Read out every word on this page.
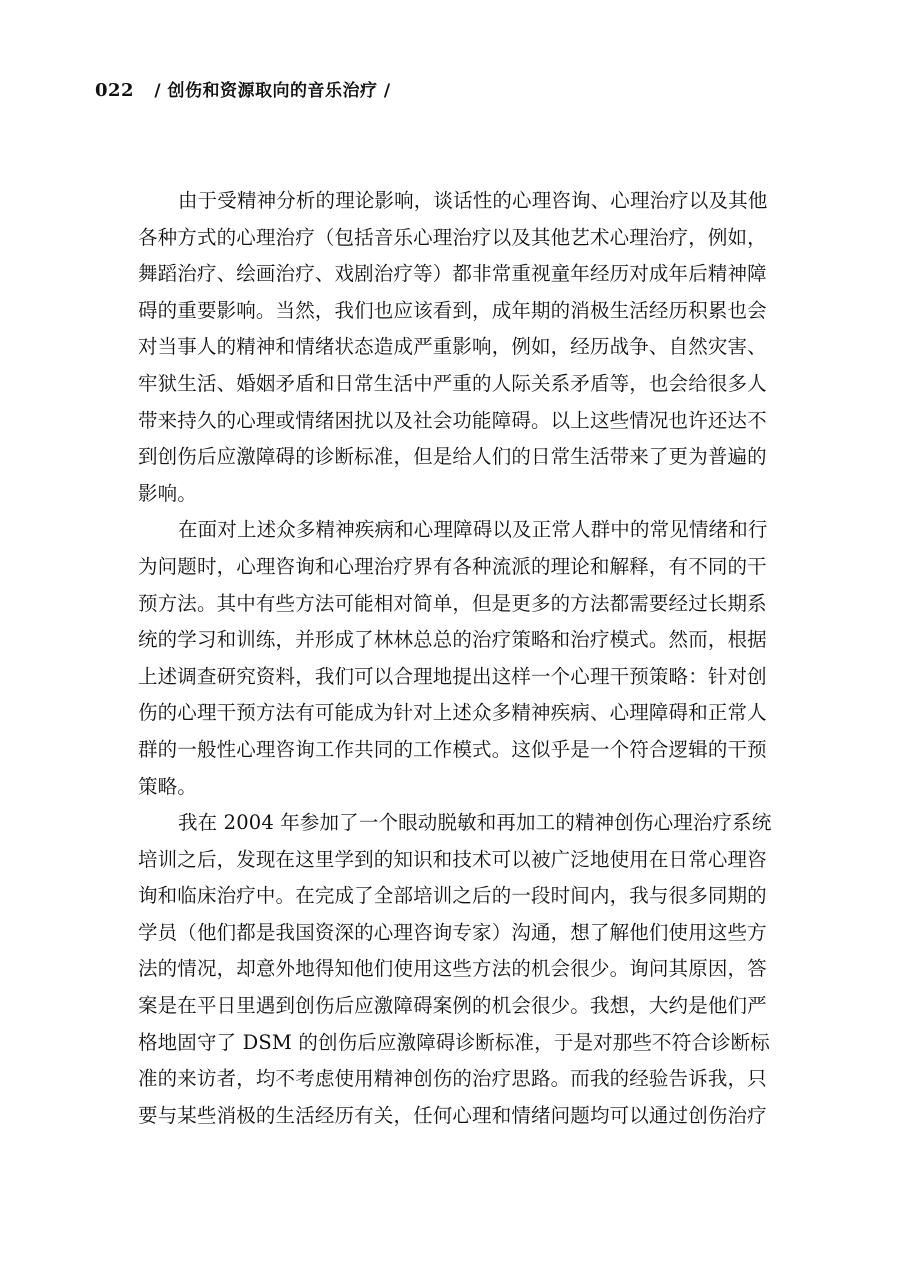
022 / 创伤和资源取向的音乐治疗 /
由于受精神分析的理论影响，谈话性的心理咨询、心理治疗以及其他
各种方式的心理治疗（包括音乐心理治疗以及其他艺术心理治疗，例如，
舞蹈治疗、绘画治疗、戏剧治疗等）都非常重视童年经历对成年后精神障
碍的重要影响。当然，我们也应该看到，成年期的消极生活经历积累也会
对当事人的精神和情绪状态造成严重影响，例如，经历战争、自然灾害、
牢狱生活、婚姻矛盾和日常生活中严重的人际关系矛盾等，也会给很多人
带来持久的心理或情绪困扰以及社会功能障碍。以上这些情况也许还达不
到创伤后应激障碍的诊断标准，但是给人们的日常生活带来了更为普遍的
影响。
在面对上述众多精神疾病和心理障碍以及正常人群中的常见情绪和行
为问题时，心理咨询和心理治疗界有各种流派的理论和解释，有不同的干
预方法。其中有些方法可能相对简单，但是更多的方法都需要经过长期系
统的学习和训练，并形成了林林总总的治疗策略和治疗模式。然而，根据
上述调查研究资料，我们可以合理地提出这样一个心理干预策略：针对创
伤的心理干预方法有可能成为针对上述众多精神疾病、心理障碍和正常人
群的一般性心理咨询工作共同的工作模式。这似乎是一个符合逻辑的干预
策略。
我在 2004 年参加了一个眼动脱敏和再加工的精神创伤心理治疗系统
培训之后，发现在这里学到的知识和技术可以被广泛地使用在日常心理咨
询和临床治疗中。在完成了全部培训之后的一段时间内，我与很多同期的
学员（他们都是我国资深的心理咨询专家）沟通，想了解他们使用这些方
法的情况，却意外地得知他们使用这些方法的机会很少。询问其原因，答
案是在平日里遇到创伤后应激障碍案例的机会很少。我想，大约是他们严
格地固守了 DSM 的创伤后应激障碍诊断标准，于是对那些不符合诊断标
准的来访者，均不考虑使用精神创伤的治疗思路。而我的经验告诉我，只
要与某些消极的生活经历有关，任何心理和情绪问题均可以通过创伤治疗
